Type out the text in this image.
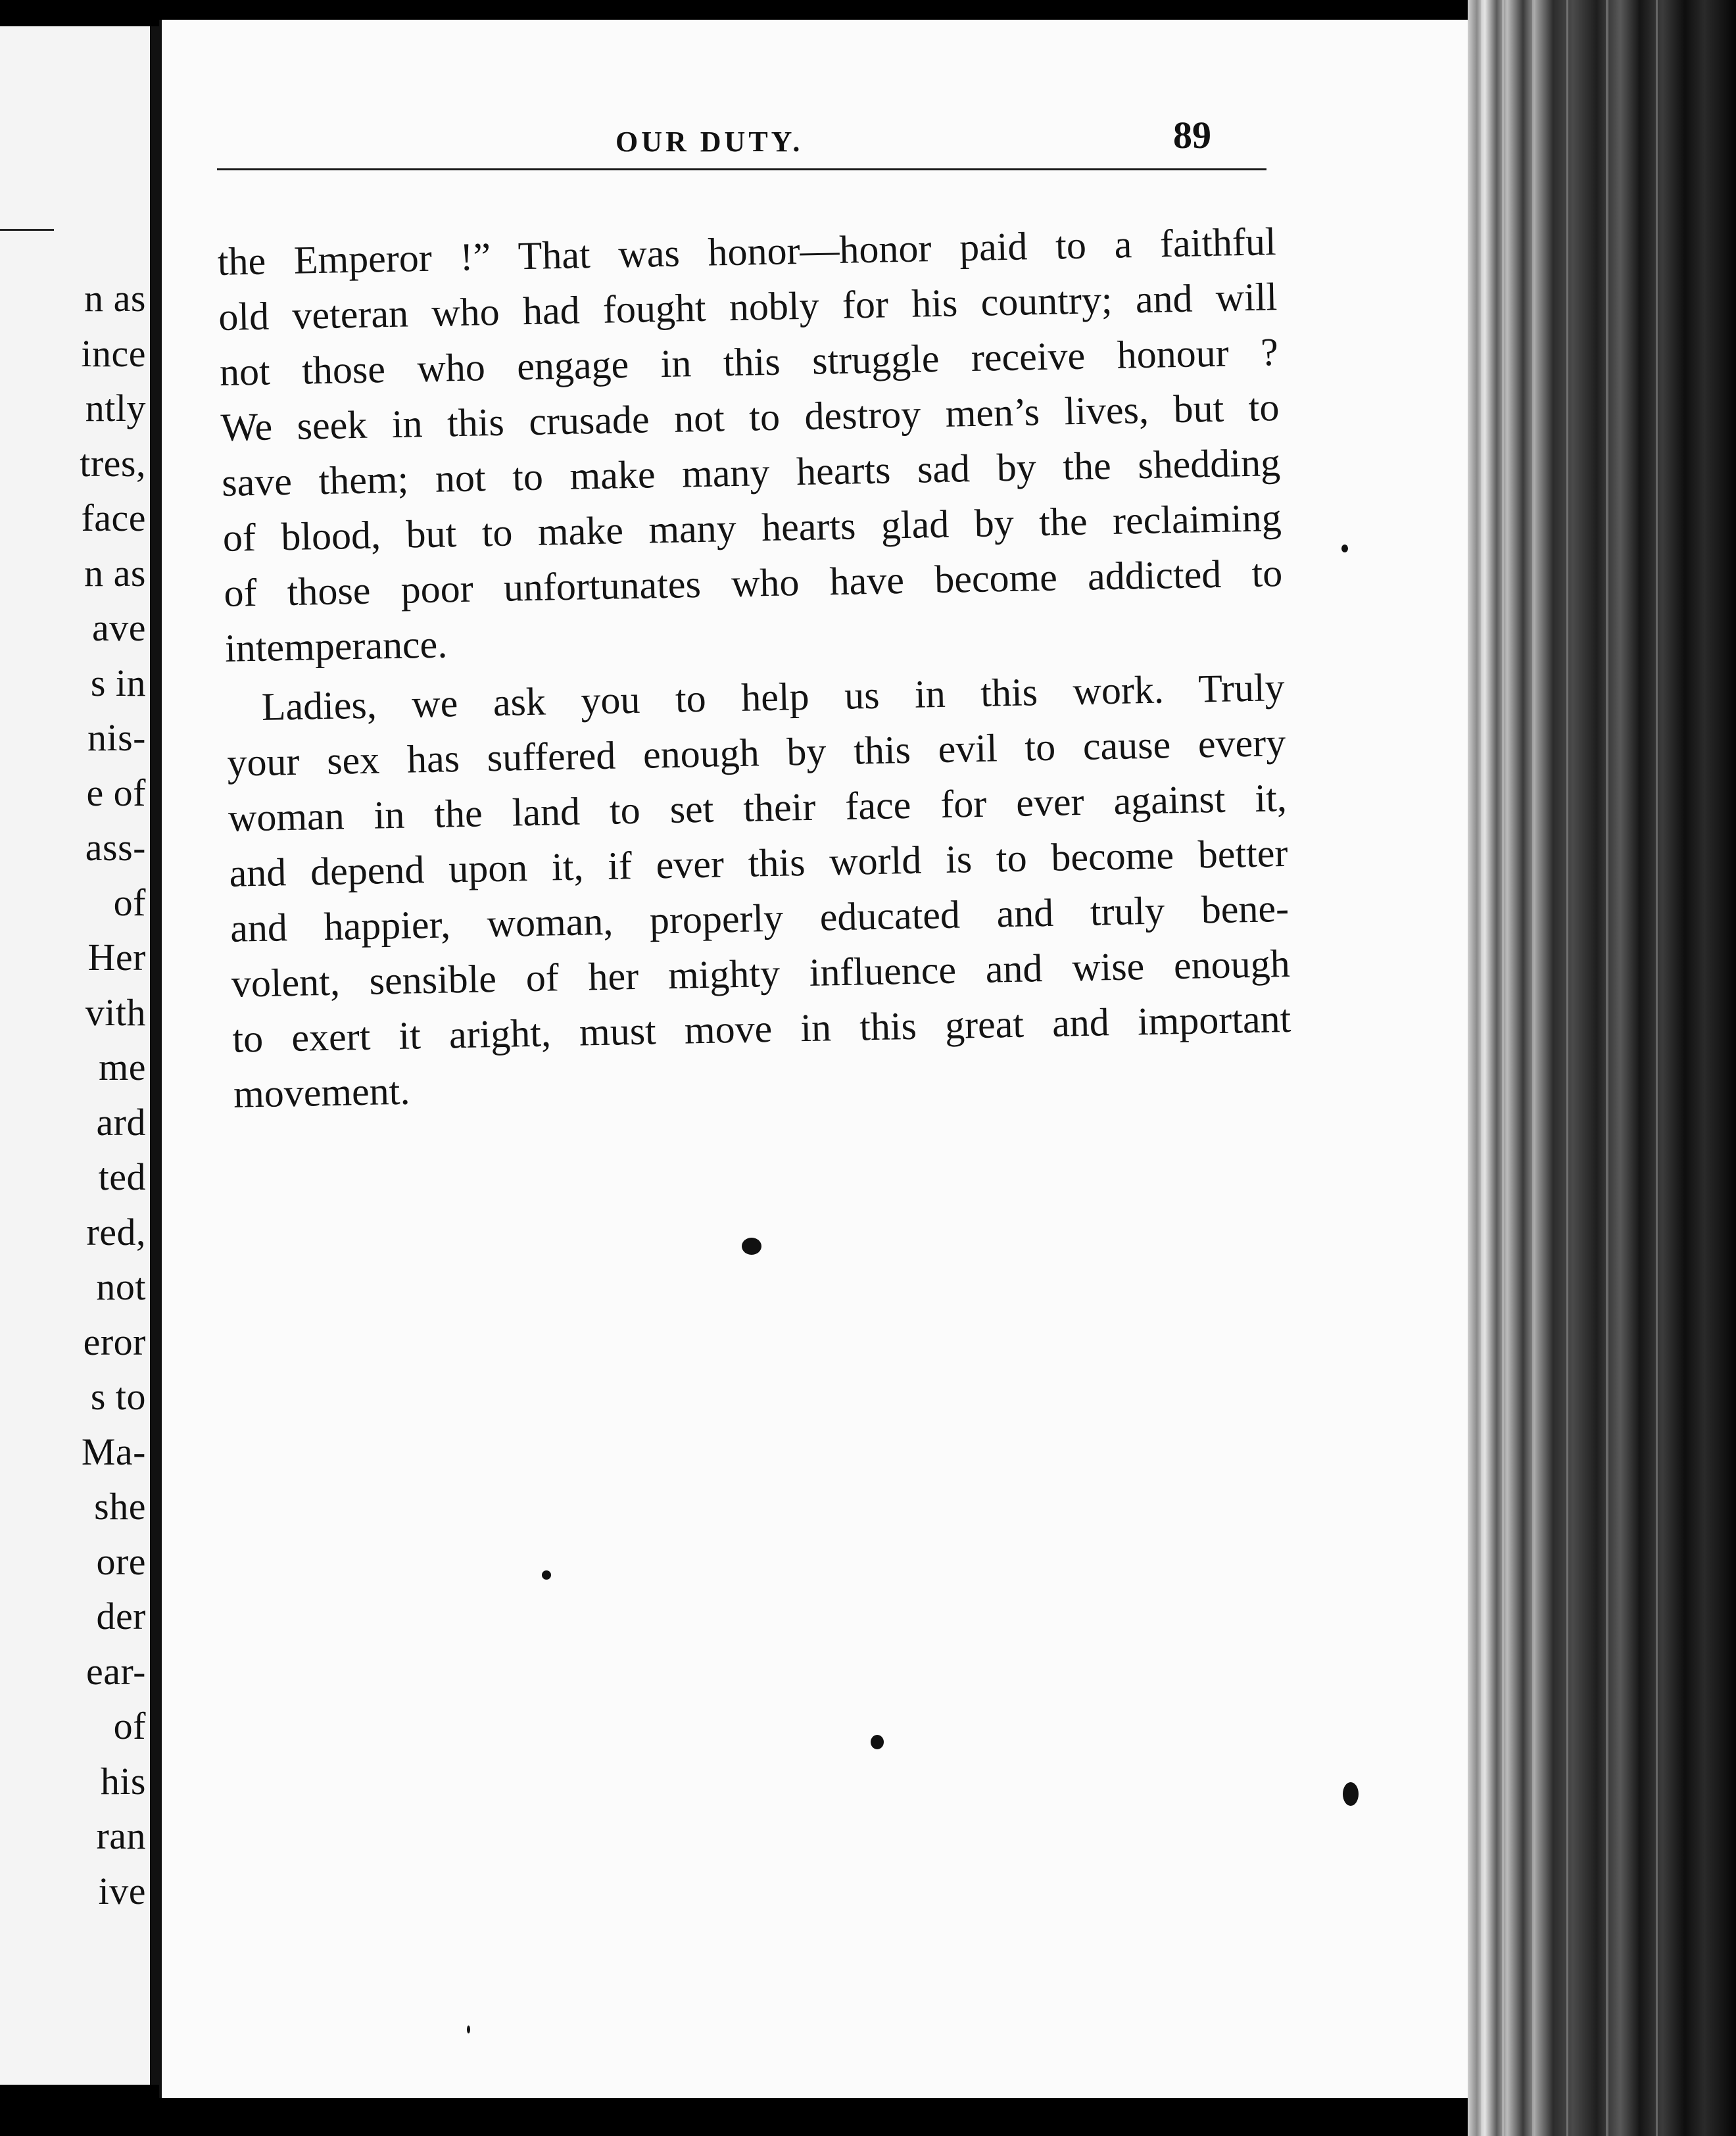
n as
ince
ntly
tres,
face
n as
ave
s in
nis-
e of
ass-
of
Her
vith
me
ard
ted
red,
not
eror
s to
Ma-
she
ore
der
ear-
of
his
ran
ive
OUR DUTY.	89
the Emperor !” That was honor—honor paid to a faithful
old veteran who had fought nobly for his country; and will
not those who engage in this struggle receive honour ?
We seek in this crusade not to destroy men’s lives, but to
save them; not to make many hearts sad by the shedding
of blood, but to make many hearts glad by the reclaiming
of those poor unfortunates who have become addicted to
intemperance.
Ladies, we ask you to help us in this work. Truly
your sex has suffered enough by this evil to cause every
woman in the land to set their face for ever against it,
and depend upon it, if ever this world is to become better
and happier, woman, properly educated and truly bene-
volent, sensible of her mighty influence and wise enough
to exert it aright, must move in this great and important
movement.
